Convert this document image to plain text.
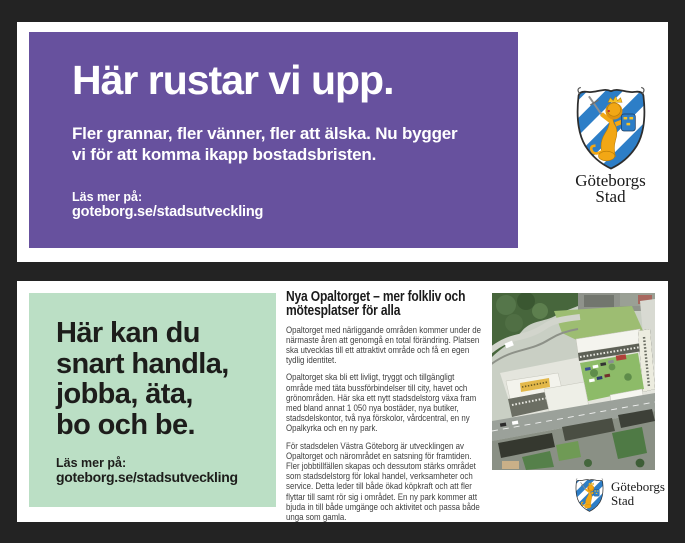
Här rustar vi upp.
Fler grannar, fler vänner, fler att älska. Nu bygger
vi för att komma ikapp bostadsbristen.
Läs mer på:
goteborg.se/stadsutveckling
Göteborgs
Stad
Här kan du
snart handla,
jobba, äta,
bo och be.
Läs mer på:
goteborg.se/stadsutveckling
Nya Opaltorget – mer folkliv och mötesplatser för alla

Opaltorget med närliggande områden kommer under de närmaste åren att genomgå en total förändring. Platsen ska utvecklas till ett attraktivt område och få en egen tydlig identitet.

Opaltorget ska bli ett livligt, tryggt och tillgängligt område med täta bussförbindelser till city, havet och grönområden. Här ska ett nytt stadsdelstorg växa fram med bland annat 1 050 nya bostäder, nya butiker, stadsdelskontor, två nya förskolor, vårdcentral, en ny Opalkyrka och en ny park.

För stadsdelen Västra Göteborg är utvecklingen av Opaltorget och närområdet en satsning för framtiden. Fler jobbtillfällen skapas och dessutom stärks området som stadsdelstorg för lokal handel, verksamheter och service. Detta leder till både ökad köpkraft och att fler flyttar till samt rör sig i området. En ny park kommer att bjuda in till både umgänge och aktivitet och passa både unga som gamla.

Göteborgs
Stad
